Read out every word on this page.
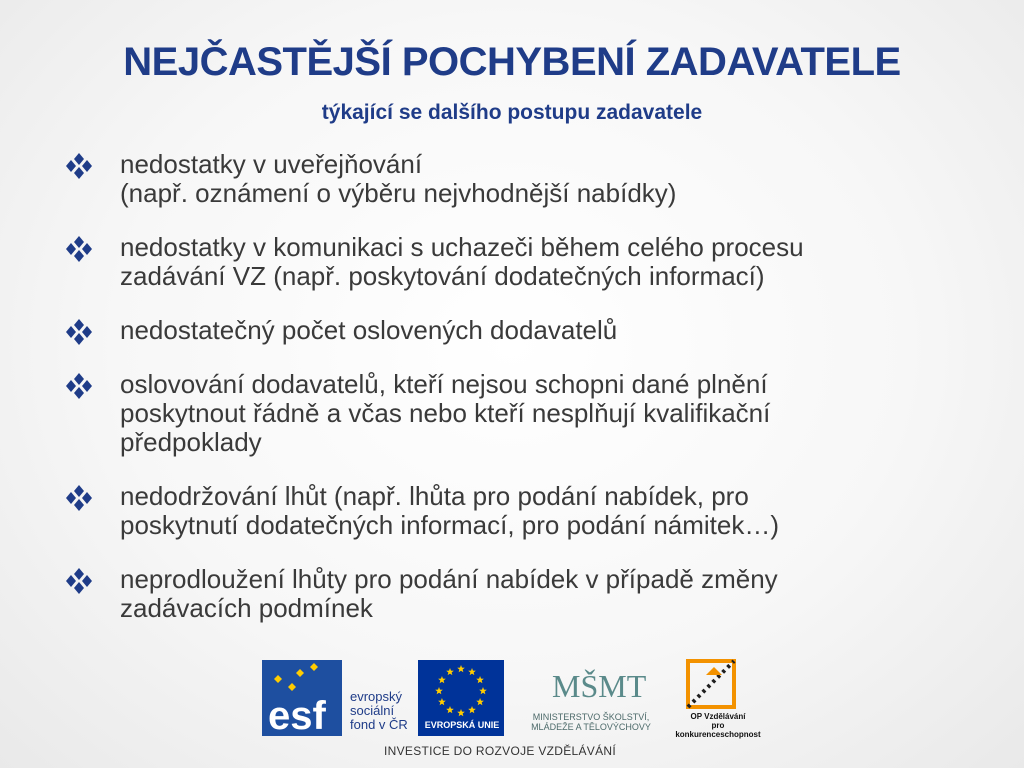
NEJČASTĚJŠÍ POCHYBENÍ ZADAVATELE
týkající se dalšího postupu zadavatele
nedostatky v uveřejňování
(např. oznámení o výběru nejvhodnější nabídky)
nedostatky v komunikaci s uchazeči během celého procesu
zadávání VZ (např. poskytování dodatečných informací)
nedostatečný počet oslovených dodavatelů
oslovování dodavatelů, kteří nejsou schopni dané plnění
poskytnout řádně a včas nebo kteří nesplňují kvalifikační
předpoklady
nedodržování lhůt (např. lhůta pro podání nabídek, pro
poskytnutí dodatečných informací, pro podání námitek…)
neprodloužení lhůty pro podání nabídek v případě změny
zadávacích podmínek
esf
MŠMT
evropský
sociální
fond v ČR	EVROPSKÁ UNIE
MINISTERSTVO ŠKOLSTVÍ,
MLÁDEŽE A TĚLOVÝCHOVY
OP Vzdělávání
pro konkurenceschopnost
INVESTICE DO ROZVOJE VZDĚLÁVÁNÍ
